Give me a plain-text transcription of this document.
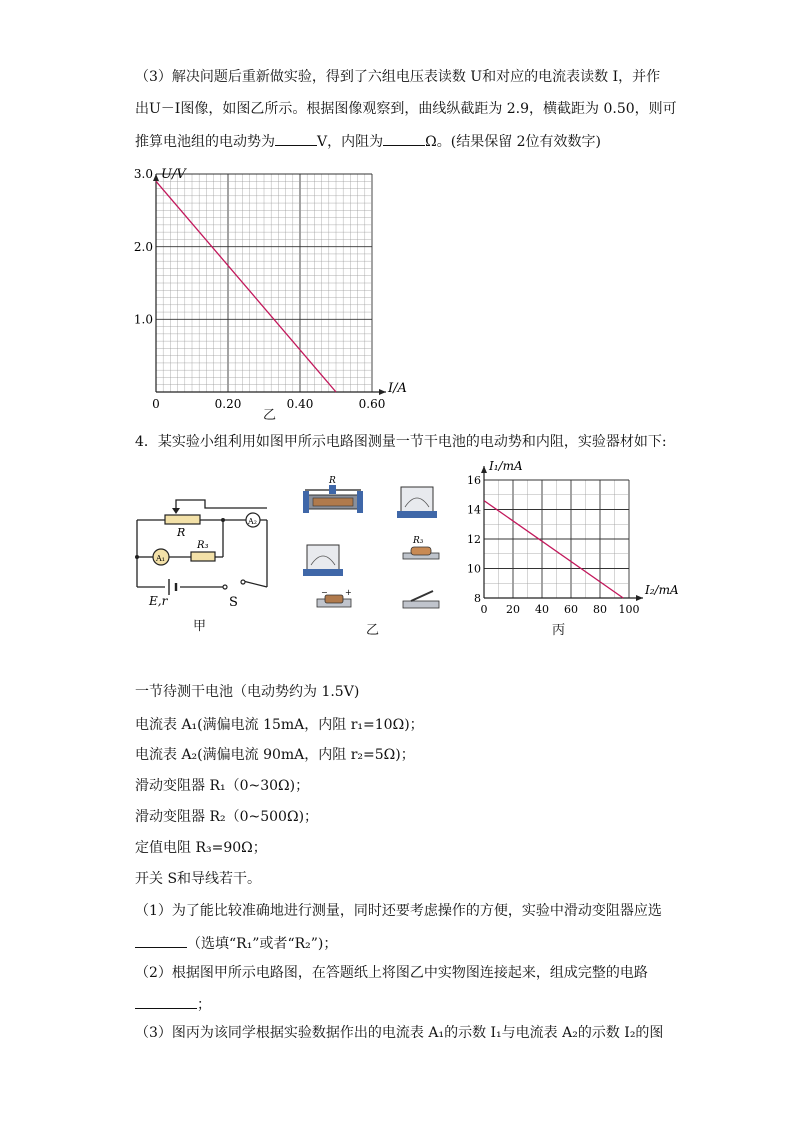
（3）解决问题后重新做实验，得到了六组电压表读数 U和对应的电流表读数 I，并作
出U－I图像，如图乙所示。根据图像观察到，曲线纵截距为 2.9，横截距为 0.50，则可
推算电池组的电动势为	V，内阻为	Ω。(结果保留 2位有效数字)
0	0.20	0.40	0.60
3.0
2.0
1.0
U/V
I/A
乙
4．某实验小组利用如图甲所示电路图测量一节干电池的电动势和内阻，实验器材如下:
R
A₂
A₁
R₃
E,r	S
甲
R
R₃
− +
乙
0 20 40 60 80 100
16
14
12
10
8
I₁/mA
I₂/mA
丙
一节待测干电池（电动势约为 1.5V)
电流表 A₁(满偏电流 15mA，内阻 r₁=10Ω)；
电流表 A₂(满偏电流 90mA，内阻 r₂=5Ω)；
滑动变阻器 R₁（0~30Ω)；
滑动变阻器 R₂（0~500Ω)；
定值电阻 R₃=90Ω；
开关 S和导线若干。
（1）为了能比较准确地进行测量，同时还要考虑操作的方便，实验中滑动变阻器应选
（选填“R₁”或者“R₂”)；
（2）根据图甲所示电路图，在答题纸上将图乙中实物图连接起来，组成完整的电路
；
（3）图丙为该同学根据实验数据作出的电流表 A₁的示数 I₁与电流表 A₂的示数 I₂的图
